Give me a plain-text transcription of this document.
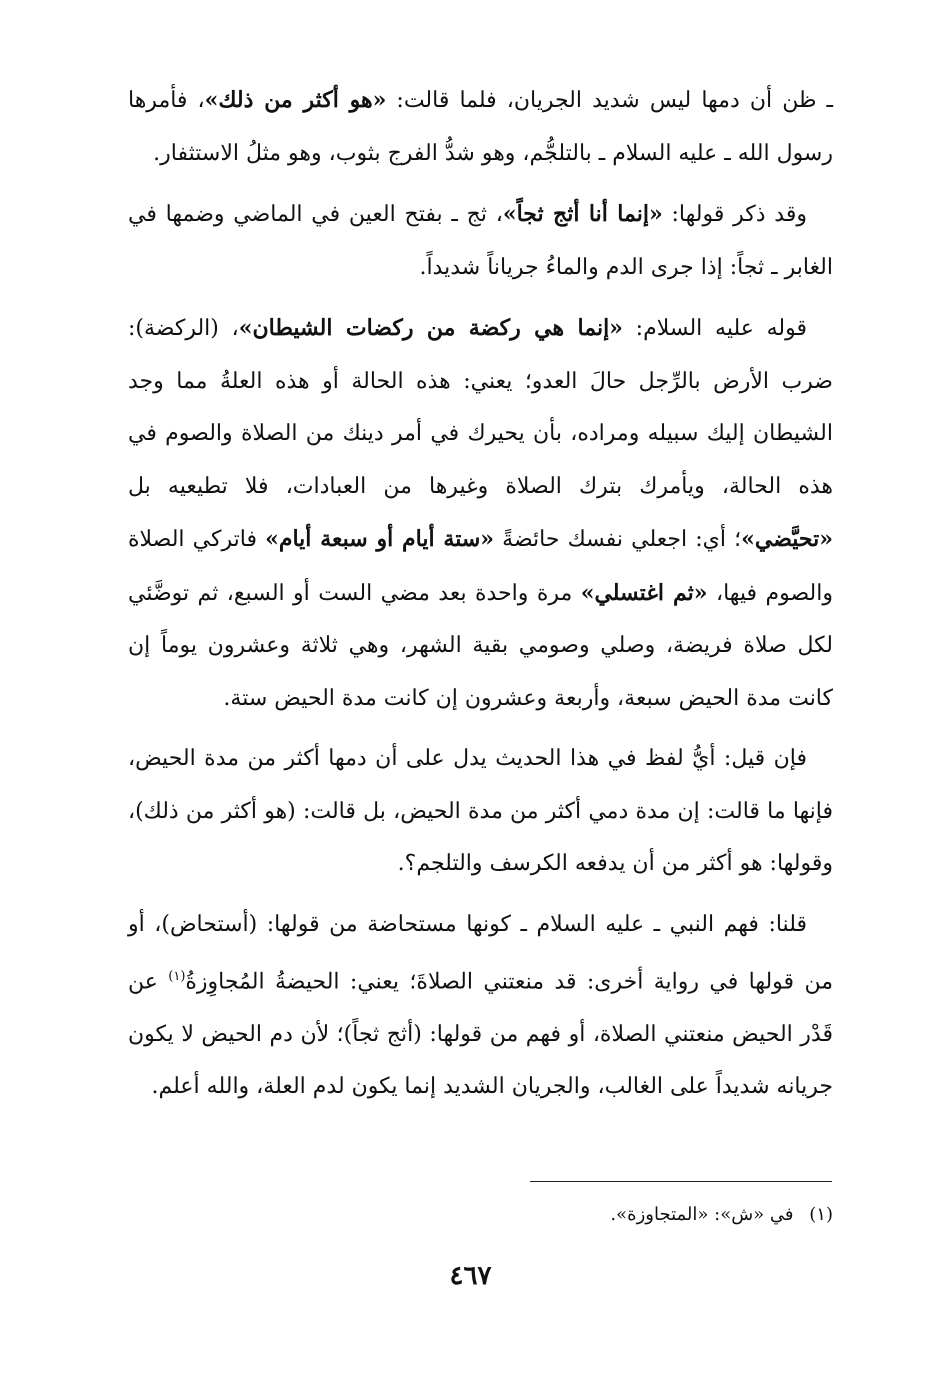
ـ ظن أن دمها ليس شديد الجريان، فلما قالت: «هو أكثر من ذلك»، فأمرها رسول الله ـ عليه السلام ـ بالتلجُّم، وهو شدُّ الفرج بثوب، وهو مثلُ الاستثفار.

وقد ذكر قولها: «إنما أنا أثج ثجاً»، ثج ـ بفتح العين في الماضي وضمها في الغابر ـ ثجاً: إذا جرى الدم والماءُ جرياناً شديداً.

قوله عليه السلام: «إنما هي ركضة من ركضات الشيطان»، (الركضة): ضرب الأرض بالرِّجل حالَ العدو؛ يعني: هذه الحالة أو هذه العلةُ مما وجد الشيطان إليك سبيله ومراده، بأن يحيرك في أمر دينك من الصلاة والصوم في هذه الحالة، ويأمرك بترك الصلاة وغيرها من العبادات، فلا تطيعيه بل «تحيَّضي»؛ أي: اجعلي نفسك حائضةً «ستة أيام أو سبعة أيام» فاتركي الصلاة والصوم فيها، «ثم اغتسلي» مرة واحدة بعد مضي الست أو السبع، ثم توضَّئي لكل صلاة فريضة، وصلي وصومي بقية الشهر، وهي ثلاثة وعشرون يوماً إن كانت مدة الحيض سبعة، وأربعة وعشرون إن كانت مدة الحيض ستة.

فإن قيل: أيُّ لفظ في هذا الحديث يدل على أن دمها أكثر من مدة الحيض، فإنها ما قالت: إن مدة دمي أكثر من مدة الحيض، بل قالت: (هو أكثر من ذلك)، وقولها: هو أكثر من أن يدفعه الكرسف والتلجم؟.

قلنا: فهم النبي ـ عليه السلام ـ كونها مستحاضة من قولها: (أستحاض)، أو من قولها في رواية أخرى: قد منعتني الصلاةَ؛ يعني: الحيضةُ المُجاوِزةُ$^{(١)}$ عن قَدْر الحيض منعتني الصلاة، أو فهم من قولها: (أثج ثجاً)؛ لأن دم الحيض لا يكون جريانه شديداً على الغالب، والجريان الشديد إنما يكون لدم العلة، والله أعلم.

(١) في «ش»: «المتجاوزة».
٤٦٧
